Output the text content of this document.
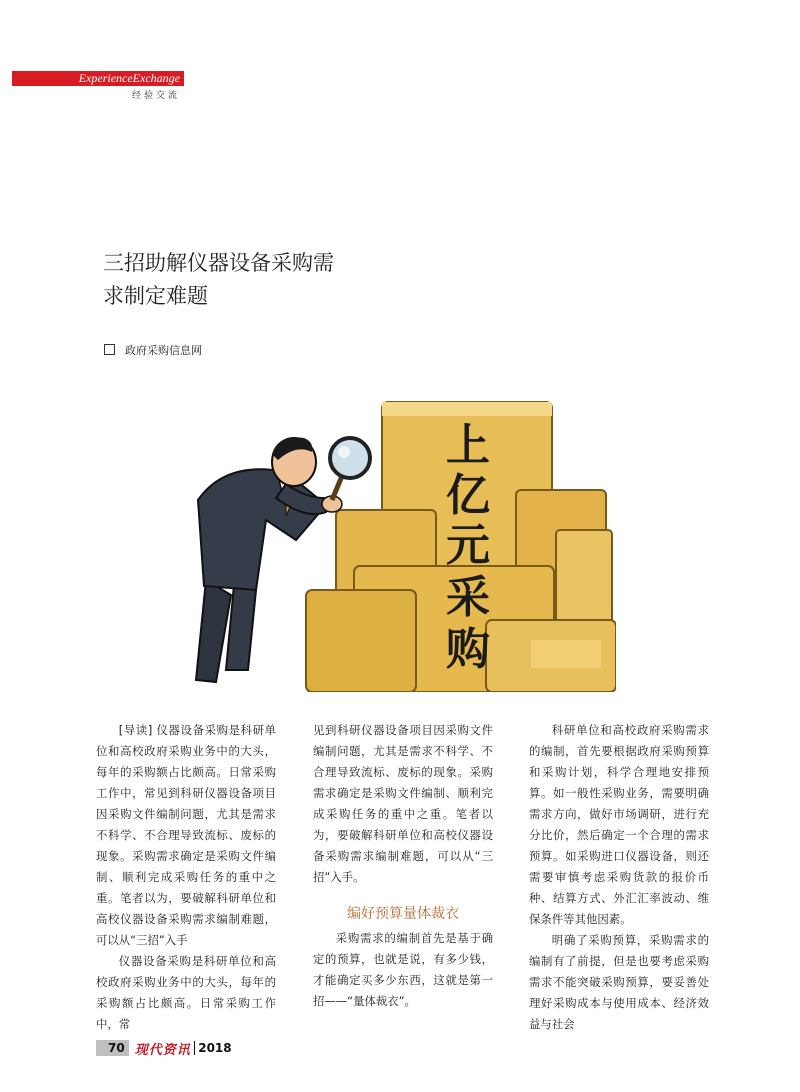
ExperienceExchange
经验交流
三招助解仪器设备采购需
求制定难题
政府采购信息网
上
亿
元
采
购

[导读] 仪器设备采购是科研单位和高校政府采购业务中的大头，每年的采购额占比颇高。日常采购工作中，常见到科研仪器设备项目因采购文件编制问题，尤其是需求不科学、不合理导致流标、废标的现象。采购需求确定是采购文件编制、顺利完成采购任务的重中之重。笔者以为，要破解科研单位和高校仪器设备采购需求编制难题，可以从“三招”入手

仪器设备采购是科研单位和高校政府采购业务中的大头，每年的采购额占比颇高。日常采购工作中，常

见到科研仪器设备项目因采购文件编制问题，尤其是需求不科学、不合理导致流标、废标的现象。采购需求确定是采购文件编制、顺利完成采购任务的重中之重。笔者以为，要破解科研单位和高校仪器设备采购需求编制难题，可以从“三招”入手。

编好预算量体裁衣

采购需求的编制首先是基于确定的预算，也就是说，有多少钱，才能确定买多少东西，这就是第一招——“量体裁衣”。

科研单位和高校政府采购需求的编制，首先要根据政府采购预算和采购计划，科学合理地安排预算。如一般性采购业务，需要明确需求方向，做好市场调研，进行充分比价，然后确定一个合理的需求预算。如采购进口仪器设备，则还需要审慎考虑采购货款的报价币种、结算方式、外汇汇率波动、维保条件等其他因素。

明确了采购预算，采购需求的编制有了前提，但是也要考虑采购需求不能突破采购预算，要妥善处理好采购成本与使用成本、经济效益与社会

70 现代资讯 2018
